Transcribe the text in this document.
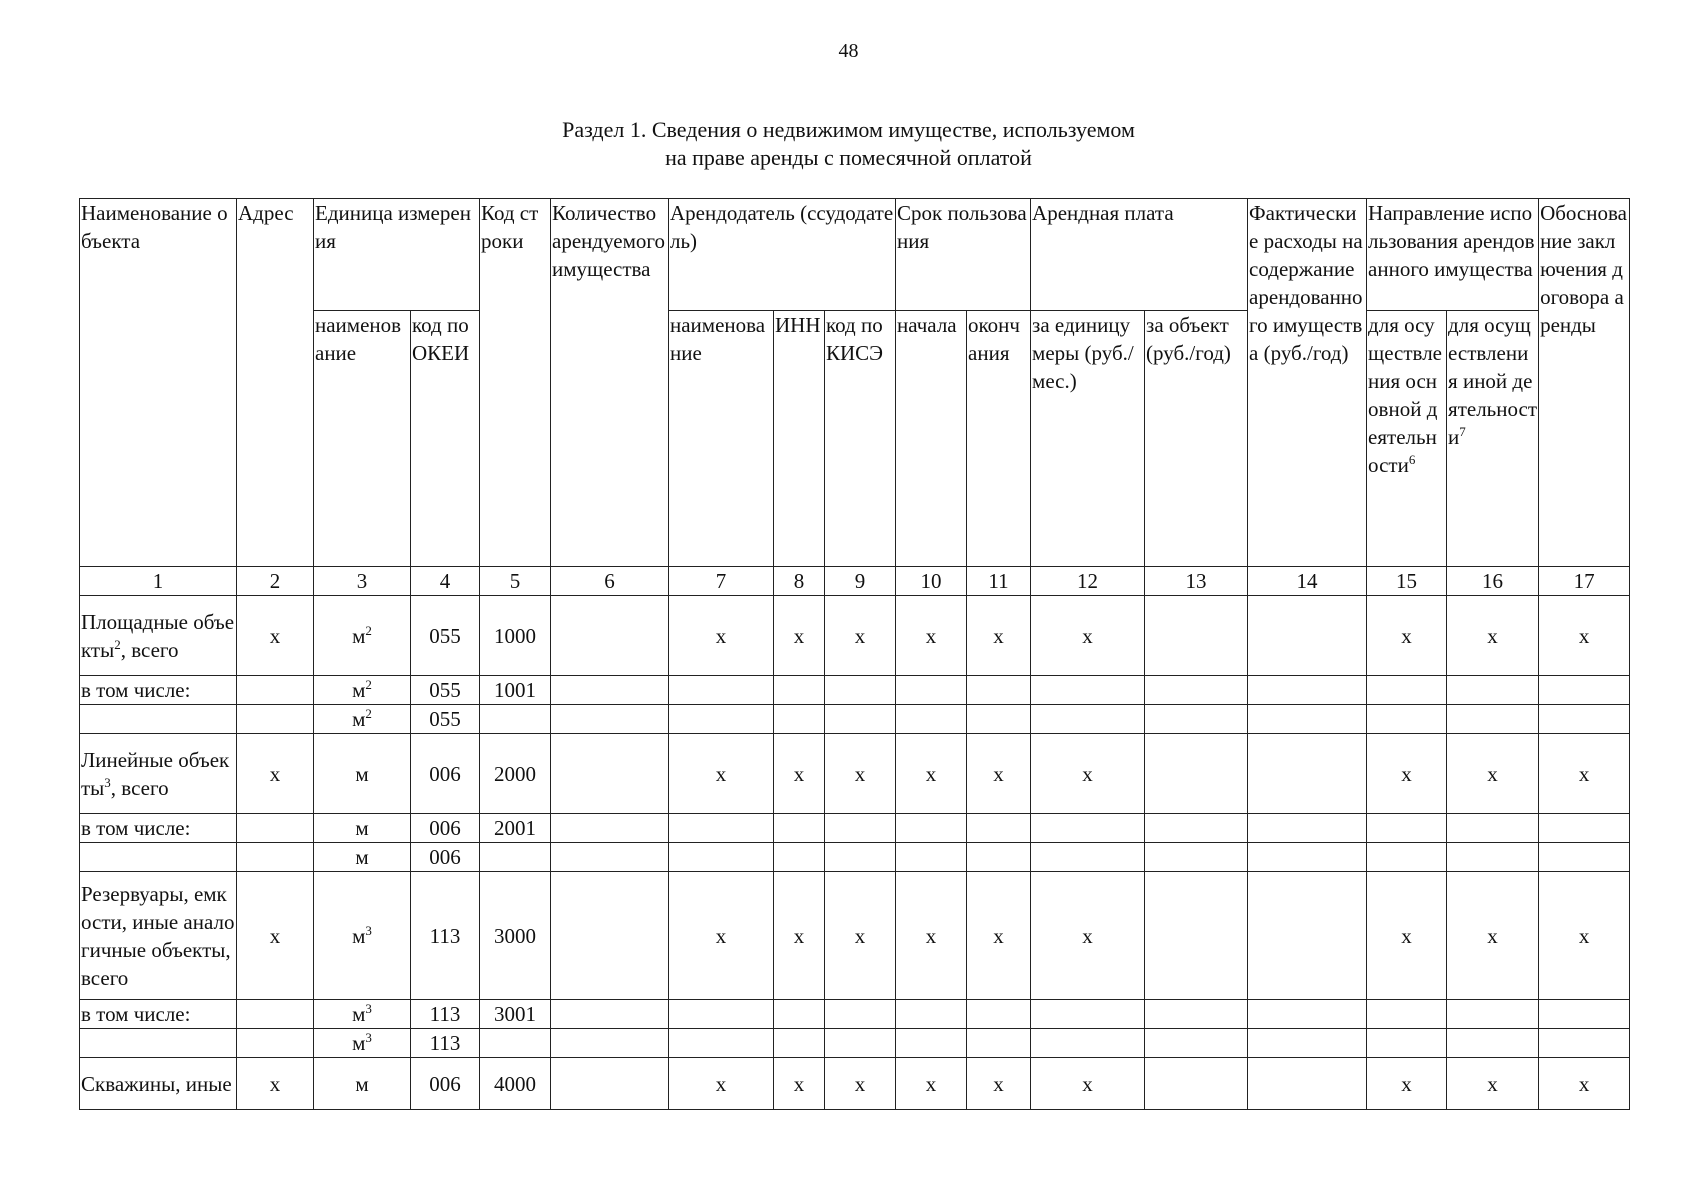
48
Раздел 1. Сведения о недвижимом имуществе, используемом
на праве аренды с помесячной оплатой
Наименование объекта	Адрес	Единица измерения		Код строки	Количество арендуемого имущества	Арендодатель (ссудодатель)			Срок пользования		Арендная плата		Фактические расходы на содержание арендованного имущества (руб./год)	Направление использования арендованного имущества		Обоснование заключения договора аренды
		наименование	код по ОКЕИ			наименование	ИНН	код по КИСЭ	начала	окончания	за единицу меры (руб./мес.)	за объект (руб./год)		для осуществления основной деятельности$^6$	для осуществления иной деятельности$^7$
1	2	3	4	5	6	7	8	9	10	11	12	13	14	15	16	17
Площадные объекты$^2$, всего	х	$м^2$	055	1000		х	х	х	х	х	х			х	х	х
в том числе:		$м^2$	055	1001												
		$м^2$	055													
Линейные объекты$^3$, всего	х	м	006	2000		х	х	х	х	х	х			х	х	х
в том числе:		м	006	2001												
		м	006													
Резервуары, емкости, иные аналогичные объекты, всего	х	$м^3$	113	3000		х	х	х	х	х	х			х	х	х
в том числе:		$м^3$	113	3001												
		$м^3$	113													
Скважины, иные	х	м	006	4000		х	х	х	х	х	х			х	х	х
